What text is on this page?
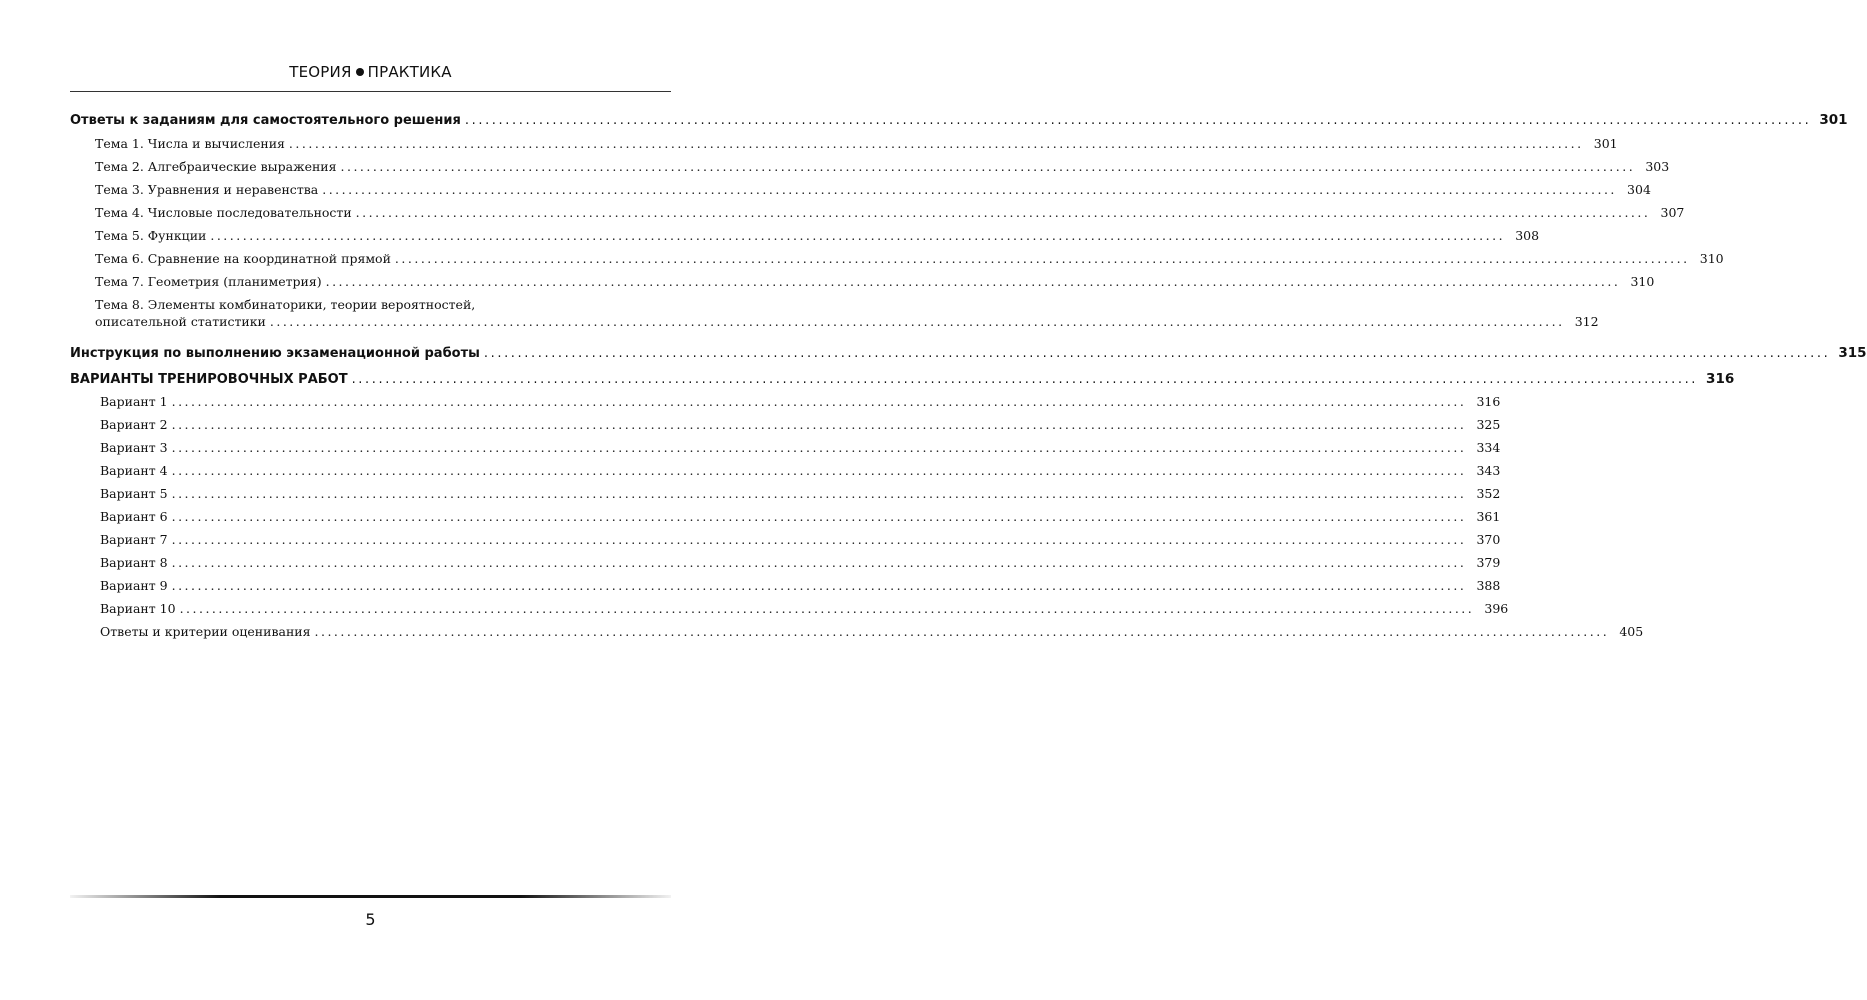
ТЕОРИЯ ПРАКТИКА
Ответы к заданиям для самостоятельного решения ........................................................................................................................................................................................................ 301
Тема 1. Числа и вычисления ........................................................................................................................................................................................................ 301
Тема 2. Алгебраические выражения ........................................................................................................................................................................................................ 303
Тема 3. Уравнения и неравенства ........................................................................................................................................................................................................ 304
Тема 4. Числовые последовательности ........................................................................................................................................................................................................ 307
Тема 5. Функции ........................................................................................................................................................................................................ 308
Тема 6. Сравнение на координатной прямой ........................................................................................................................................................................................................ 310
Тема 7. Геометрия (планиметрия) ........................................................................................................................................................................................................ 310
Тема 8. Элементы комбинаторики, теории вероятностей,
описательной статистики ........................................................................................................................................................................................................ 312
Инструкция по выполнению экзаменационной работы ........................................................................................................................................................................................................ 315
ВАРИАНТЫ ТРЕНИРОВОЧНЫХ РАБОТ ........................................................................................................................................................................................................ 316
Вариант 1 ........................................................................................................................................................................................................ 316
Вариант 2 ........................................................................................................................................................................................................ 325
Вариант 3 ........................................................................................................................................................................................................ 334
Вариант 4 ........................................................................................................................................................................................................ 343
Вариант 5 ........................................................................................................................................................................................................ 352
Вариант 6 ........................................................................................................................................................................................................ 361
Вариант 7 ........................................................................................................................................................................................................ 370
Вариант 8 ........................................................................................................................................................................................................ 379
Вариант 9 ........................................................................................................................................................................................................ 388
Вариант 10 ........................................................................................................................................................................................................ 396
Ответы и критерии оценивания ........................................................................................................................................................................................................ 405
5
